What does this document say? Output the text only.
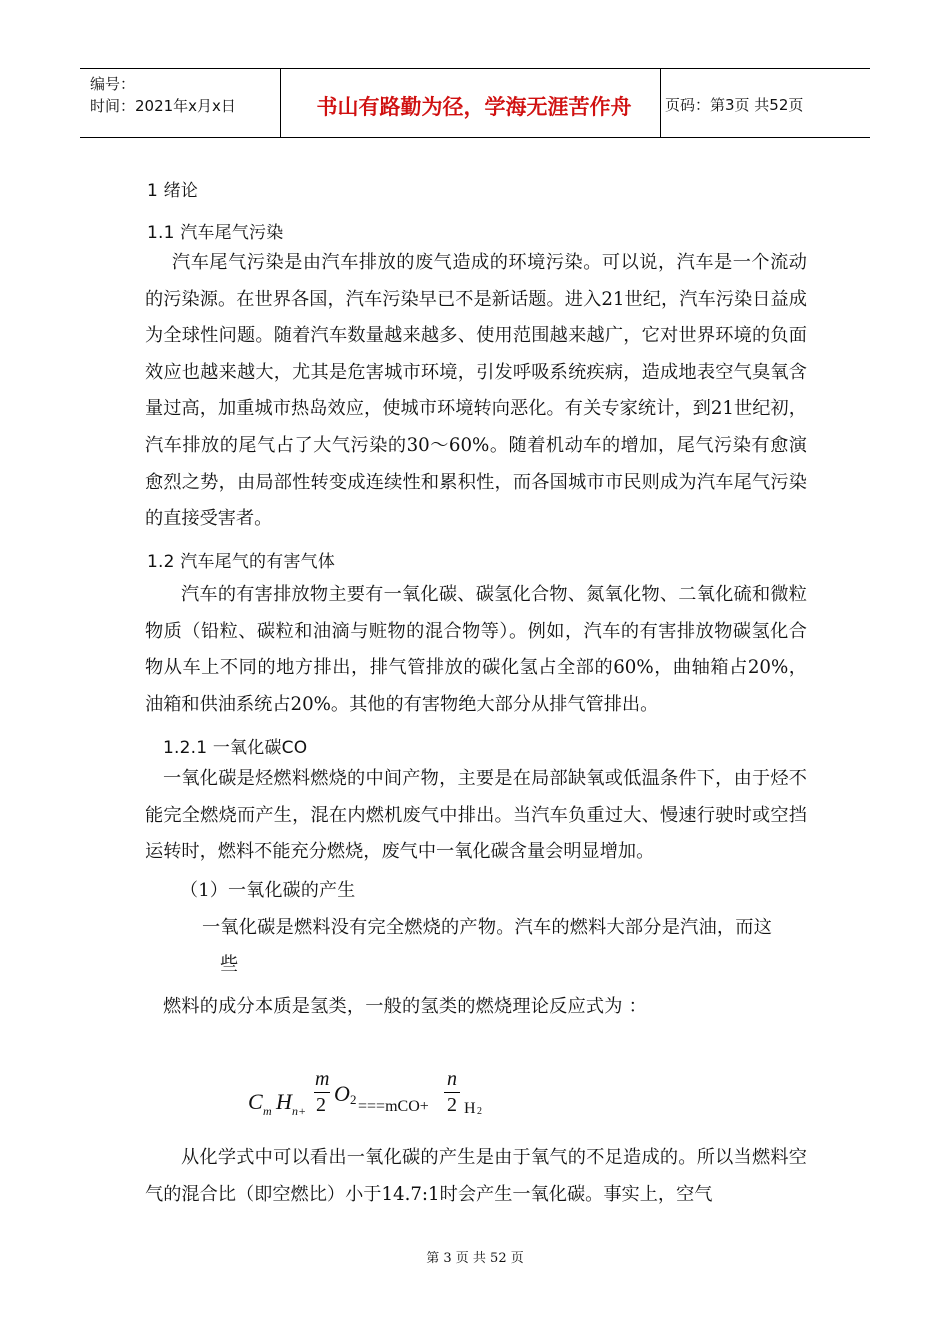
编号：
时间：2021年x月x日	书山有路勤为径，学海无涯苦作舟	页码：第3页 共52页
1 绪论
1.1 汽车尾气污染
汽车尾气污染是由汽车排放的废气造成的环境污染。可以说，汽车是一个流动的污染源。在世界各国，汽车污染早已不是新话题。进入21世纪，汽车污染日益成为全球性问题。随着汽车数量越来越多、使用范围越来越广，它对世界环境的负面效应也越来越大，尤其是危害城市环境，引发呼吸系统疾病，造成地表空气臭氧含量过高，加重城市热岛效应，使城市环境转向恶化。有关专家统计，到21世纪初，汽车排放的尾气占了大气污染的30～60%。随着机动车的增加，尾气污染有愈演愈烈之势，由局部性转变成连续性和累积性，而各国城市市民则成为汽车尾气污染的直接受害者。
1.2 汽车尾气的有害气体
汽车的有害排放物主要有一氧化碳、碳氢化合物、氮氧化物、二氧化硫和微粒物质（铅粒、碳粒和油滴与赃物的混合物等）。例如，汽车的有害排放物碳氢化合物从车上不同的地方排出，排气管排放的碳化氢占全部的60%，曲轴箱占20%，油箱和供油系统占20%。其他的有害物绝大部分从排气管排出。
1.2.1 一氧化碳CO
一氧化碳是烃燃料燃烧的中间产物，主要是在局部缺氧或低温条件下，由于烃不能完全燃烧而产生，混在内燃机废气中排出。当汽车负重过大、慢速行驶时或空挡运转时，燃料不能充分燃烧，废气中一氧化碳含量会明显增加。
（1）一氧化碳的产生
一氧化碳是燃料没有完全燃烧的产物。汽车的燃料大部分是汽油，而这
些
燃料的成分本质是氢类，一般的氢类的燃烧理论反应式为 ：
C m H n+
m
2 O 2 ===mCO+
n
2 H 2
从化学式中可以看出一氧化碳的产生是由于氧气的不足造成的。所以当燃料空气的混合比（即空燃比）小于14.7:1时会产生一氧化碳。事实上，空气
第 3 页 共 52 页
